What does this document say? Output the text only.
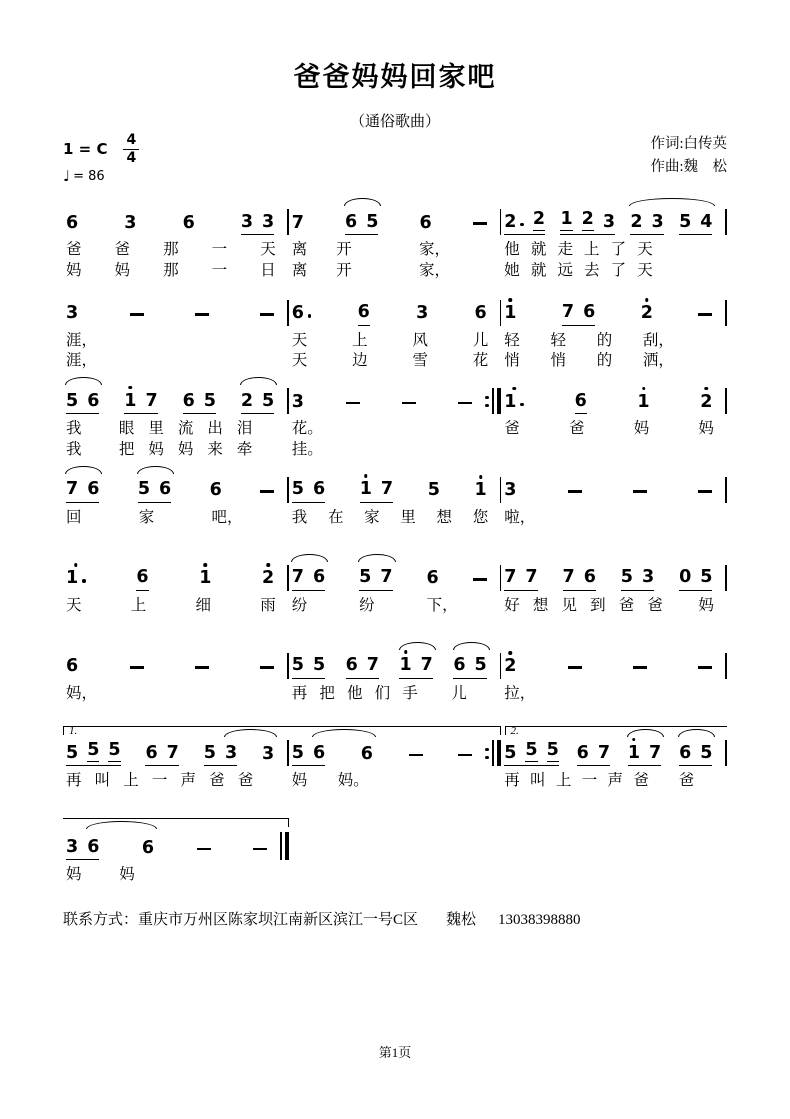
爸爸妈妈回家吧
（通俗歌曲）
1 = C $\frac{4}{4}$
♩ = 86
作词:白传英
作曲:魏　松
6	3	6	3 3 7 6 5 6	2 2 1 2 3 2 3 5 4
爸 爸 那 一 天 离 开	家，	他 就 走 上 了 天
妈 妈 那 一 日 离 开	家，	她 就 远 去 了 天
3	6	6	3	6 1	7 6	2
涯，	天	上	风	儿 轻 轻 的 刮，
涯，	天	边	雪	花 悄 悄 的 洒，
5 6 1 7 6 5 2 5 3	1	6	1	2
我 眼 里 流 出 泪	花。	爸	爸	妈	妈
我 把 妈 妈 来 牵	挂。
7 6 5 6 6	5 6 1 7 5 1 3
回	家	吧，	我 在 家 里 想 您 啦，
1	6	1	2 7 6 5 7 6	7 7 7 6 5 3 0 5
天	上	细	雨 纷	纷	下，	好 想 见 到 爸 爸 妈
6	5 5 6 7 1 7 6 5 2
妈，	再 把 他 们 手 儿 拉，
1.	2.
5 5 5 6 7 5 3 3 5 6 6	5 5 5 6 7 1 7 6 5
再 叫 上 一 声 爸 爸 妈 妈。	再 叫 上 一 声 爸 爸
3 6 6
妈 妈
联系方式：重庆市万州区陈家坝江南新区滨江一号C区 魏松 13038398880
第1页
